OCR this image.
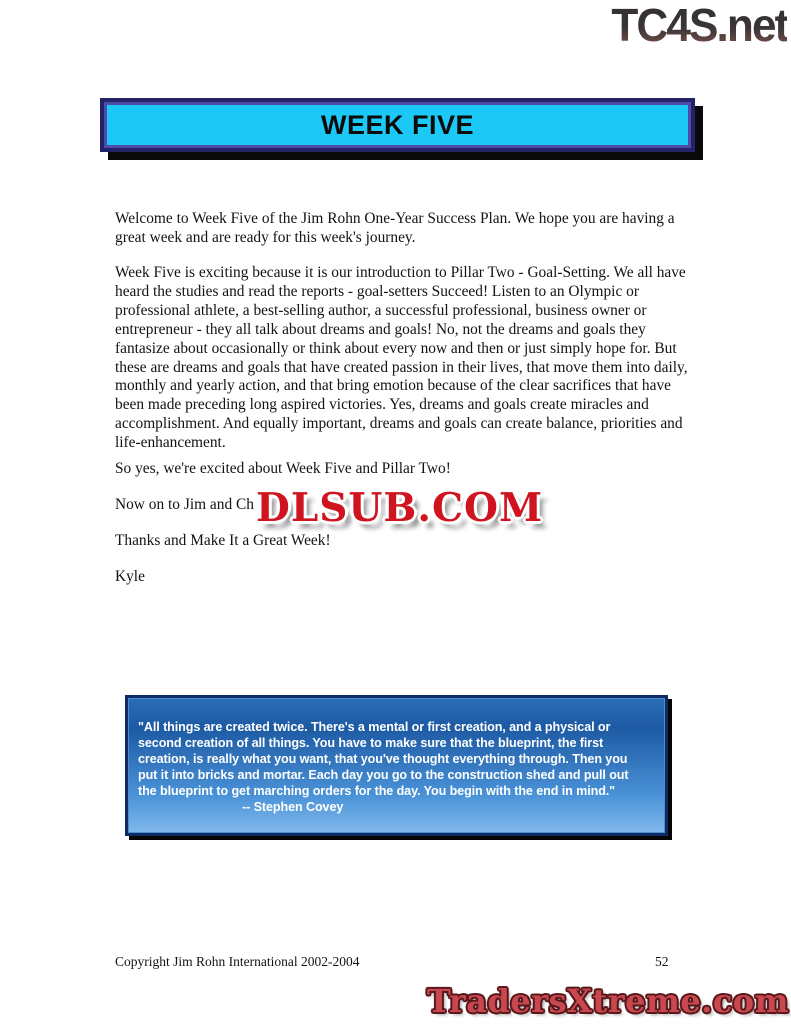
TC4S.net
WEEK FIVE

Welcome to Week Five of the Jim Rohn One-Year Success Plan. We hope you are having a great week and are ready for this week's journey.

Week Five is exciting because it is our introduction to Pillar Two - Goal-Setting. We all have heard the studies and read the reports - goal-setters Succeed! Listen to an Olympic or professional athlete, a best-selling author, a successful professional, business owner or entrepreneur - they all talk about dreams and goals! No, not the dreams and goals they fantasize about occasionally or think about every now and then or just simply hope for. But these are dreams and goals that have created passion in their lives, that move them into daily, monthly and yearly action, and that bring emotion because of the clear sacrifices that have been made preceding long aspired victories. Yes, dreams and goals create miracles and accomplishment. And equally important, dreams and goals can create balance, priorities and life-enhancement.

So yes, we're excited about Week Five and Pillar Two!

Now on to Jim and Ch

Thanks and Make It a Great Week!

Kyle

DLSUB.COM

"All things are created twice. There's a mental or first creation, and a physical or second creation of all things. You have to make sure that the blueprint, the first creation, is really what you want, that you've thought everything through. Then you put it into bricks and mortar. Each day you go to the construction shed and pull out the blueprint to get marching orders for the day. You begin with the end in mind." -- Stephen Covey

Copyright Jim Rohn International 2002-2004	52
TradersXtreme.com
